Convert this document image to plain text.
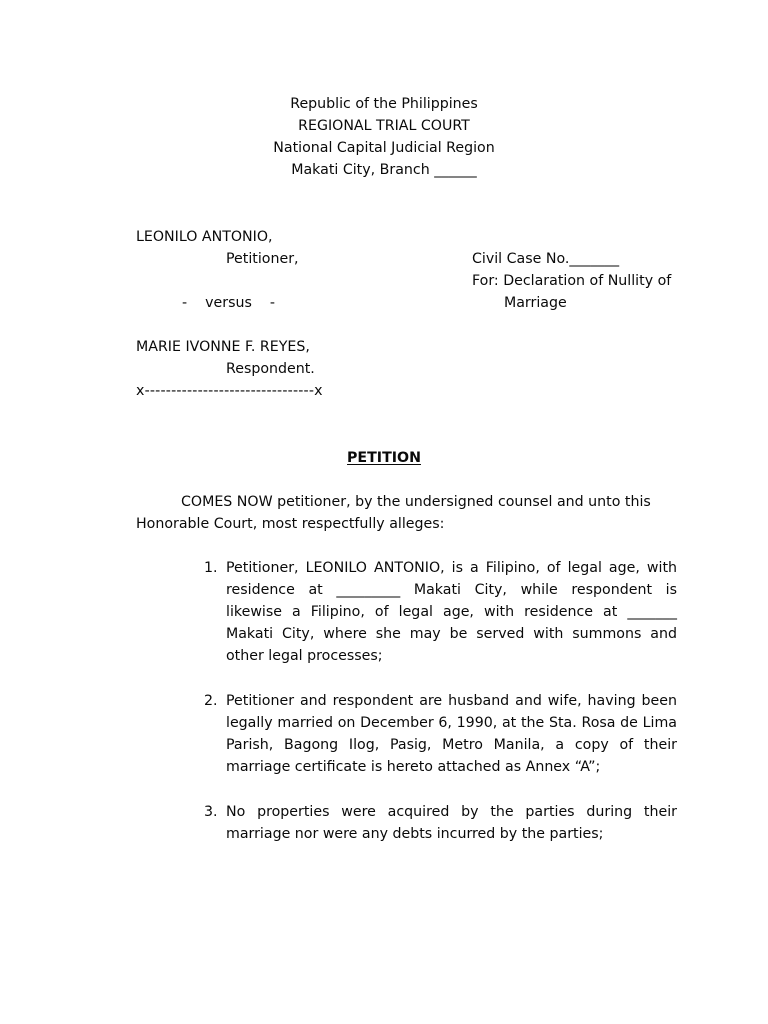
Republic of the Philippines
REGIONAL TRIAL COURT
National Capital Judicial Region
Makati City, Branch ______
LEONILO ANTONIO,
Petitioner,
-    versus    -
MARIE IVONNE F. REYES,
Respondent.
x--------------------------------x
Civil Case No._______
For: Declaration of Nullity of
Marriage
PETITION
COMES NOW petitioner, by the undersigned counsel and unto this
Honorable Court, most respectfully alleges:
1. Petitioner, LEONILO ANTONIO, is a Filipino, of legal age, with
residence at _________ Makati City, while respondent is
likewise a Filipino, of legal age, with residence at _______
Makati City, where she may be served with summons and
other legal processes;
2. Petitioner and respondent are husband and wife, having been
legally married on December 6, 1990, at the Sta. Rosa de Lima
Parish, Bagong Ilog, Pasig, Metro Manila, a copy of their
marriage certificate is hereto attached as Annex “A”;
3. No properties were acquired by the parties during their
marriage nor were any debts incurred by the parties;
